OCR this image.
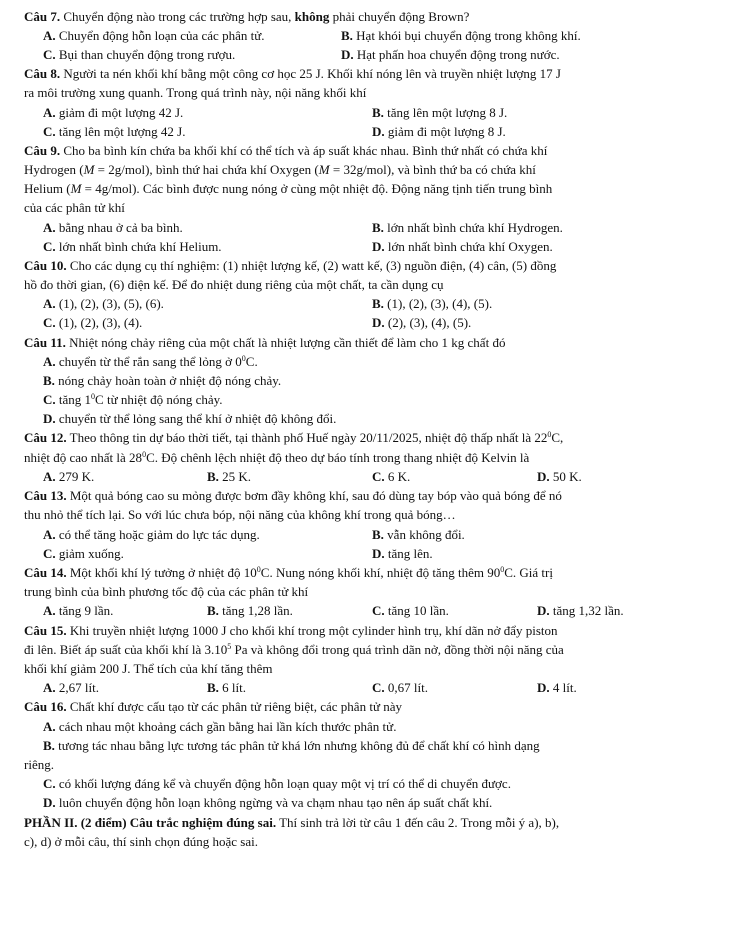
Câu 7. Chuyển động nào trong các trường hợp sau, không phải chuyển động Brown?
A. Chuyển động hỗn loạn của các phân tử.	B. Hạt khói bụi chuyển động trong không khí.
C. Bụi than chuyển động trong rượu.	D. Hạt phấn hoa chuyển động trong nước.
Câu 8. Người ta nén khối khí bằng một công cơ học 25 J. Khối khí nóng lên và truyền nhiệt lượng 17 J
ra môi trường xung quanh. Trong quá trình này, nội năng khối khí
A. giảm đi một lượng 42 J.	B. tăng lên một lượng 8 J.
C. tăng lên một lượng 42 J.	D. giảm đi một lượng 8 J.
Câu 9. Cho ba bình kín chứa ba khối khí có thể tích và áp suất khác nhau. Bình thứ nhất có chứa khí
Hydrogen (M = 2g/mol), bình thứ hai chứa khí Oxygen (M = 32g/mol), và bình thứ ba có chứa khí
Helium (M = 4g/mol). Các bình được nung nóng ở cùng một nhiệt độ. Động năng tịnh tiến trung bình
của các phân tử khí
A. bằng nhau ở cả ba bình.	B. lớn nhất bình chứa khí Hydrogen.
C. lớn nhất bình chứa khí Helium.	D. lớn nhất bình chứa khí Oxygen.
Câu 10. Cho các dụng cụ thí nghiệm: (1) nhiệt lượng kế, (2) watt kế, (3) nguồn điện, (4) cân, (5) đồng
hồ đo thời gian, (6) điện kế. Để đo nhiệt dung riêng của một chất, ta cần dụng cụ
A. (1), (2), (3), (5), (6).	B. (1), (2), (3), (4), (5).
C. (1), (2), (3), (4).	D. (2), (3), (4), (5).
Câu 11. Nhiệt nóng chảy riêng của một chất là nhiệt lượng cần thiết để làm cho 1 kg chất đó
A. chuyển từ thể rắn sang thể lỏng ở $0^0C$.
B. nóng chảy hoàn toàn ở nhiệt độ nóng chảy.
C. tăng $1^0C$ từ nhiệt độ nóng chảy.
D. chuyển từ thể lỏng sang thể khí ở nhiệt độ không đổi.
Câu 12. Theo thông tin dự báo thời tiết, tại thành phố Huế ngày 20/11/2025, nhiệt độ thấp nhất là $22^0C$,
nhiệt độ cao nhất là $28^0C$. Độ chênh lệch nhiệt độ theo dự báo tính trong thang nhiệt độ Kelvin là
A. 279 K.	B. 25 K.	C. 6 K.	D. 50 K.
Câu 13. Một quả bóng cao su mỏng được bơm đầy không khí, sau đó dùng tay bóp vào quả bóng để nó
thu nhỏ thể tích lại. So với lúc chưa bóp, nội năng của không khí trong quả bóng…
A. có thể tăng hoặc giảm do lực tác dụng.	B. vẫn không đổi.
C. giảm xuống.	D. tăng lên.
Câu 14. Một khối khí lý tưởng ở nhiệt độ $10^0C$. Nung nóng khối khí, nhiệt độ tăng thêm $90^0C$. Giá trị
trung bình của bình phương tốc độ của các phân tử khí
A. tăng 9 lần.	B. tăng 1,28 lần.	C. tăng 10 lần.	D. tăng 1,32 lần.
Câu 15. Khi truyền nhiệt lượng 1000 J cho khối khí trong một cylinder hình trụ, khí dãn nở đẩy piston
đi lên. Biết áp suất của khối khí là 3.10$^5$ Pa và không đổi trong quá trình dãn nở, đồng thời nội năng của
khối khí giảm 200 J. Thể tích của khí tăng thêm
A. 2,67 lít.	B. 6 lít.	C. 0,67 lít.	D. 4 lít.
Câu 16. Chất khí được cấu tạo từ các phân tử riêng biệt, các phân tử này
A. cách nhau một khoảng cách gần bằng hai lần kích thước phân tử.
B. tương tác nhau bằng lực tương tác phân tử khá lớn nhưng không đủ để chất khí có hình dạng
riêng.
C. có khối lượng đáng kể và chuyển động hỗn loạn quay một vị trí có thể di chuyển được.
D. luôn chuyển động hỗn loạn không ngừng và va chạm nhau tạo nên áp suất chất khí.
PHẦN II. (2 điểm) Câu trắc nghiệm đúng sai. Thí sinh trả lời từ câu 1 đến câu 2. Trong mỗi ý a), b),
c), d) ở mỗi câu, thí sinh chọn đúng hoặc sai.
